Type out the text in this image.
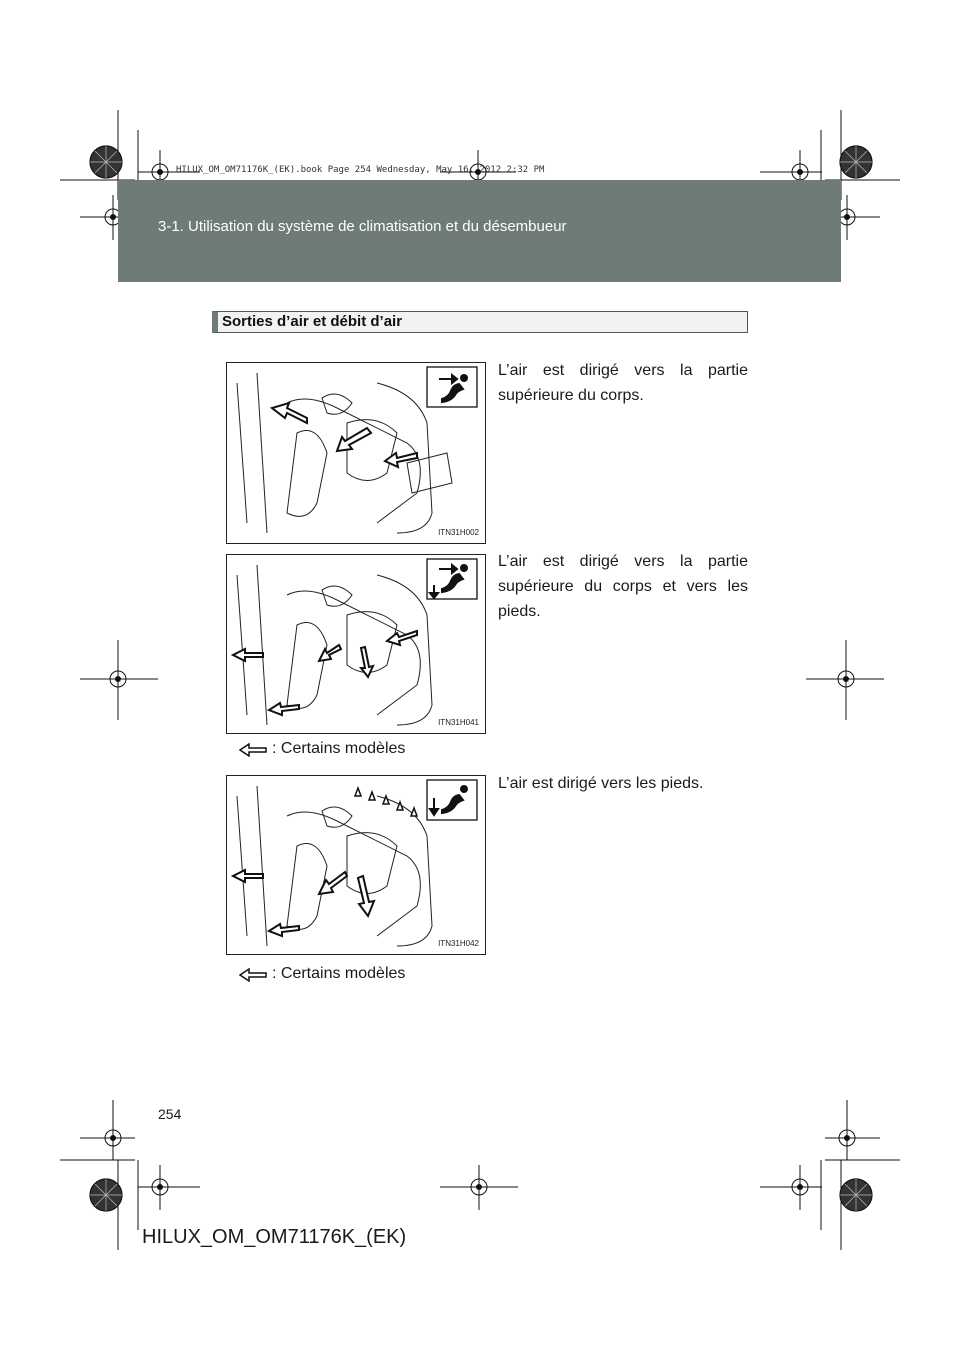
HILUX_OM_OM71176K_(EK).book Page 254 Wednesday, May 16, 2012 2:32 PM
3-1. Utilisation du système de climatisation et du désembueur
Sorties d’air et débit d’air
ITN31H002
L’air est dirigé vers la partie supérieure du corps.
ITN31H041
L’air est dirigé vers la partie supérieure du corps et vers les pieds.
: Certains modèles
ITN31H042
L’air est dirigé vers les pieds.
: Certains modèles
254
HILUX_OM_OM71176K_(EK)
